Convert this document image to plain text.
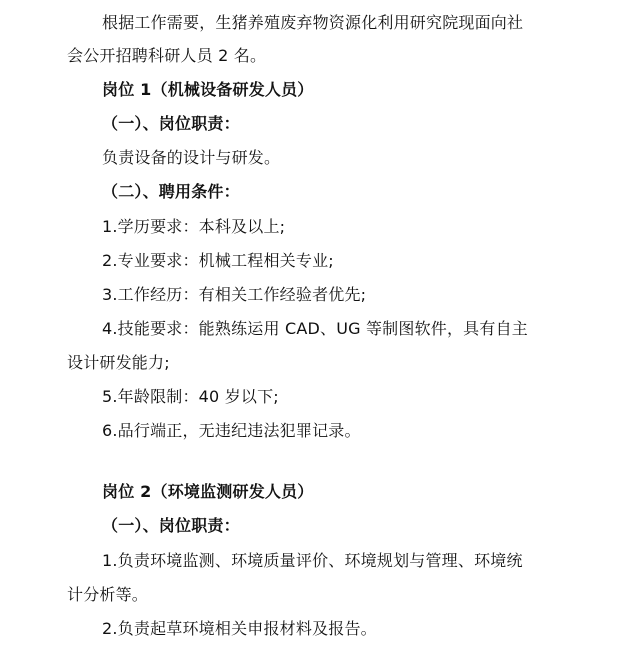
根据工作需要，生猪养殖废弃物资源化利用研究院现面向社
会公开招聘科研人员 2 名。
岗位 1（机械设备研发人员）
（一）、岗位职责：
负责设备的设计与研发。
（二）、聘用条件：
1.学历要求：本科及以上;
2.专业要求：机械工程相关专业;
3.工作经历：有相关工作经验者优先;
4.技能要求：能熟练运用 CAD、UG 等制图软件，具有自主
设计研发能力;
5.年龄限制：40 岁以下;
6.品行端正，无违纪违法犯罪记录。
岗位 2（环境监测研发人员）
（一）、岗位职责：
1.负责环境监测、环境质量评价、环境规划与管理、环境统
计分析等。
2.负责起草环境相关申报材料及报告。
